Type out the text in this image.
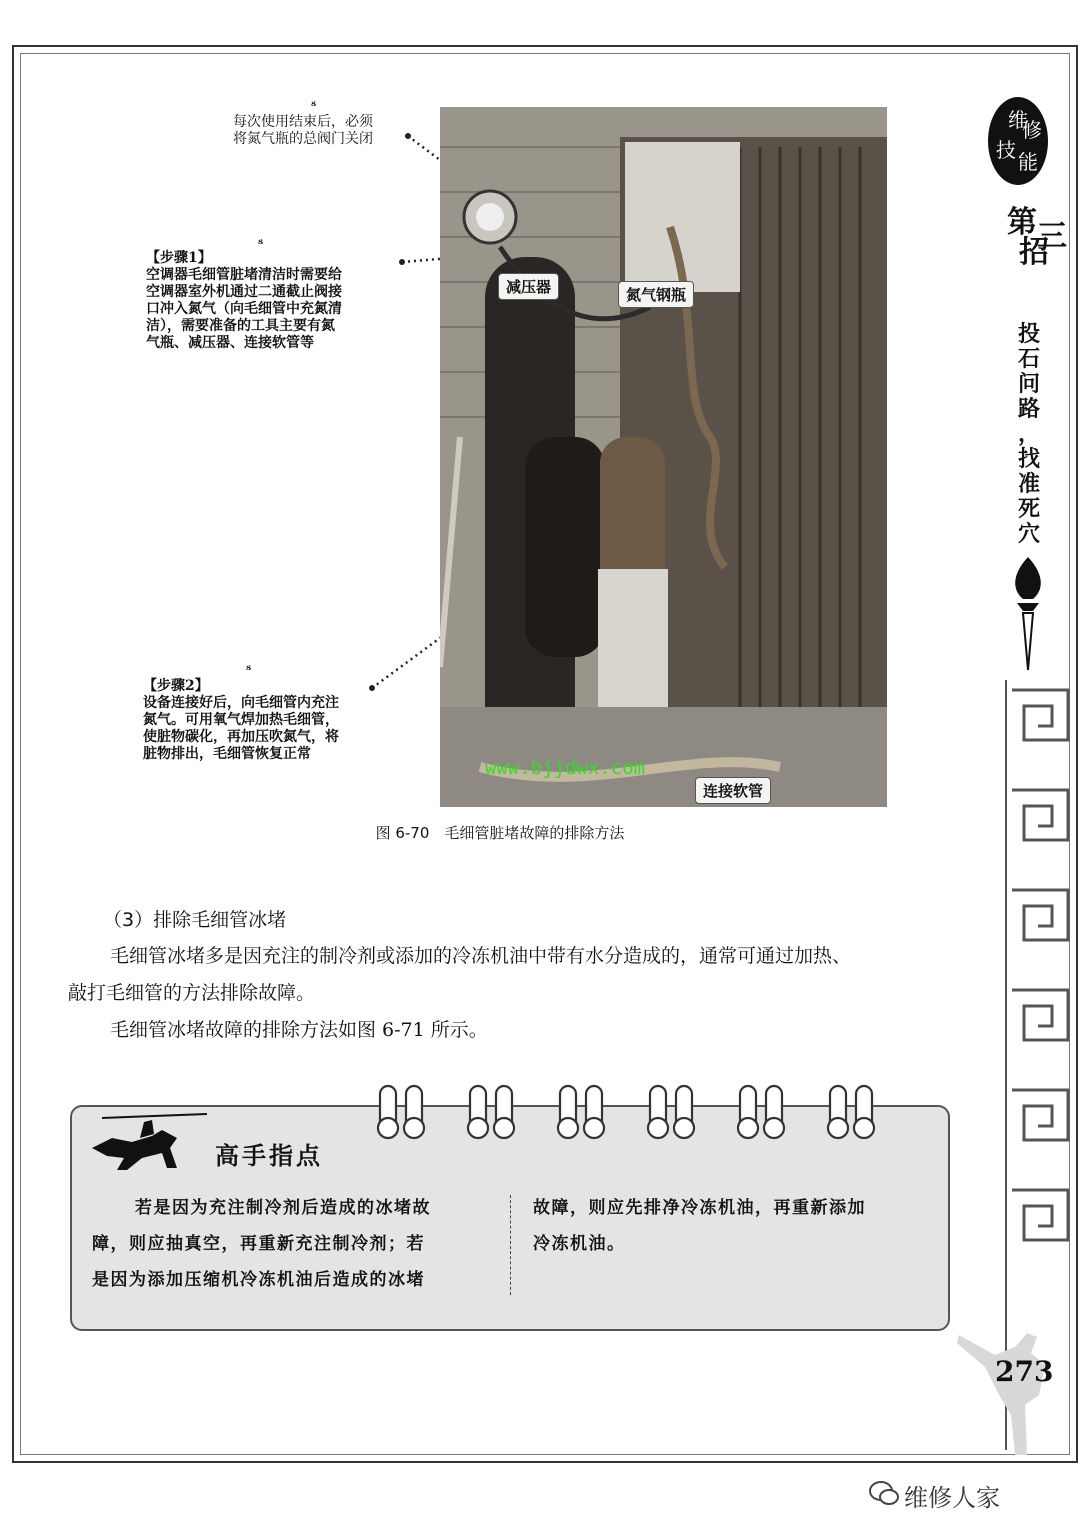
减压器	氮气钢瓶
连接软管
www.bjjdwx.com
ᴽ
每次使用结束后，必须
将氮气瓶的总阀门关闭
ᴽ
【步骤1】
空调器毛细管脏堵清洁时需要给
空调器室外机通过二通截止阀接
口冲入氮气（向毛细管中充氮清
洁），需要准备的工具主要有氮
气瓶、减压器、连接软管等
ᴽ
【步骤2】
设备连接好后，向毛细管内充注
氮气。可用氧气焊加热毛细管，
使脏物碳化，再加压吹氮气，将
脏物排出，毛细管恢复正常
图 6-70　毛细管脏堵故障的排除方法
（3）排除毛细管冰堵
毛细管冰堵多是因充注的制冷剂或添加的冷冻机油中带有水分造成的，通常可通过加热、
敲打毛细管的方法排除故障。
毛细管冰堵故障的排除方法如图 6-71 所示。
高手指点
若是因为充注制冷剂后造成的冰堵故
障，则应抽真空，再重新充注制冷剂；若
是因为添加压缩机冷冻机油后造成的冰堵
故障，则应先排净冷冻机油，再重新添加
冷冻机油。
维
修
技 能
第三
招
投
石
问
路
，
找
准
死
穴
273
维修人家
